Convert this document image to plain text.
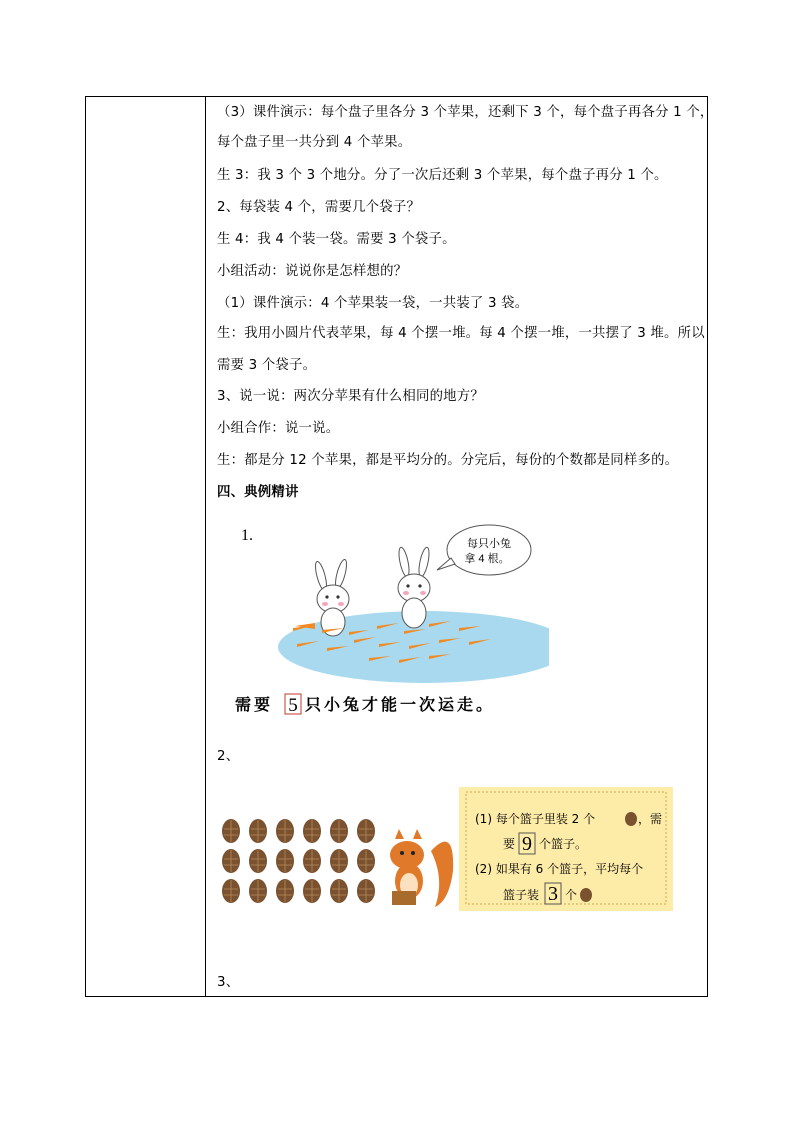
（3）课件演示：每个盘子里各分 3 个苹果，还剩下 3 个，每个盘子再各分 1 个，
每个盘子里一共分到 4 个苹果。
生 3：我 3 个 3 个地分。分了一次后还剩 3 个苹果，每个盘子再分 1 个。
2、每袋装 4 个，需要几个袋子？
生 4：我 4 个装一袋。需要 3 个袋子。
小组活动：说说你是怎样想的？
（1）课件演示：4 个苹果装一袋，一共装了 3 袋。
生：我用小圆片代表苹果，每 4 个摆一堆。每 4 个摆一堆，一共摆了 3 堆。所以
需要 3 个袋子。
3、说一说：两次分苹果有什么相同的地方？
小组合作：说一说。
生：都是分 12 个苹果，都是平均分的。分完后，每份的个数都是同样多的。
四、典例精讲
1.	每只小兔
拿 4 根。
需要 5 只小兔才能一次运走。
2、
(1) 每个篮子里装 2 个	，需
要 9 个篮子。
(2) 如果有 6 个篮子，平均每个
篮子装 3 个
3、
